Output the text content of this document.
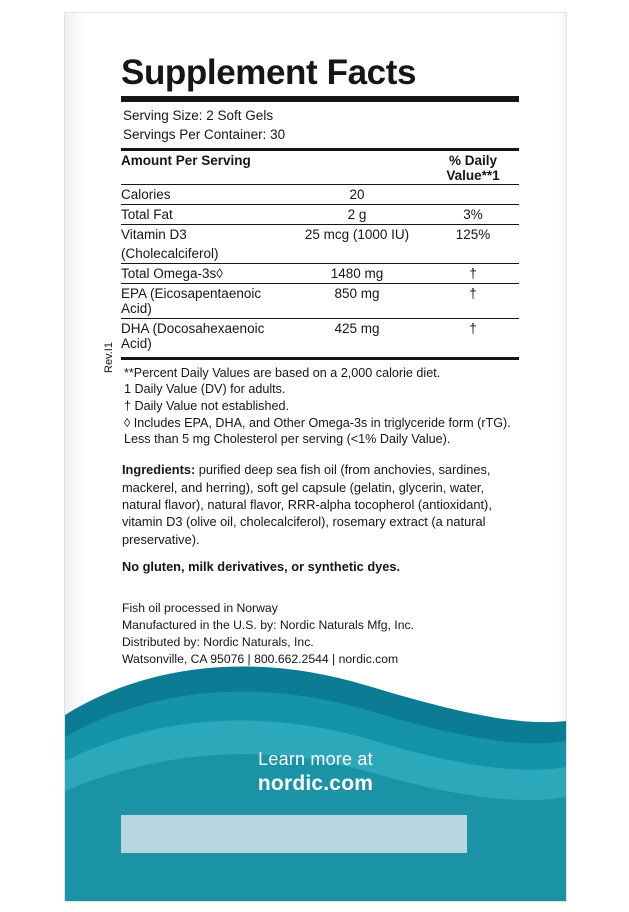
Rev.I1
Supplement Facts
Serving Size: 2 Soft Gels
Servings Per Container: 30
Amount Per Serving		% Daily Value**1
Calories	20	
Total Fat	2 g	3%
Vitamin D3	25 mcg (1000 IU)	125%
(Cholecalciferol)		
Total Omega-3s◊	1480 mg	†
EPA (Eicosapentaenoic Acid)	850 mg	†
DHA (Docosahexaenoic Acid)	425 mg	†
**Percent Daily Values are based on a 2,000 calorie diet.
1 Daily Value (DV) for adults.
† Daily Value not established.
◊ Includes EPA, DHA, and Other Omega-3s in triglyceride form (rTG).
Less than 5 mg Cholesterol per serving (<1% Daily Value).
Ingredients: purified deep sea fish oil (from anchovies, sardines, mackerel, and herring), soft gel capsule (gelatin, glycerin, water, natural flavor), natural flavor, RRR-alpha tocopherol (antioxidant), vitamin D3 (olive oil, cholecalciferol), rosemary extract (a natural preservative).
No gluten, milk derivatives, or synthetic dyes.
Fish oil processed in Norway
Manufactured in the U.S. by: Nordic Naturals Mfg, Inc.
Distributed by: Nordic Naturals, Inc.
Watsonville, CA 95076 | 800.662.2544 | nordic.com
Learn more at
nordic.com
